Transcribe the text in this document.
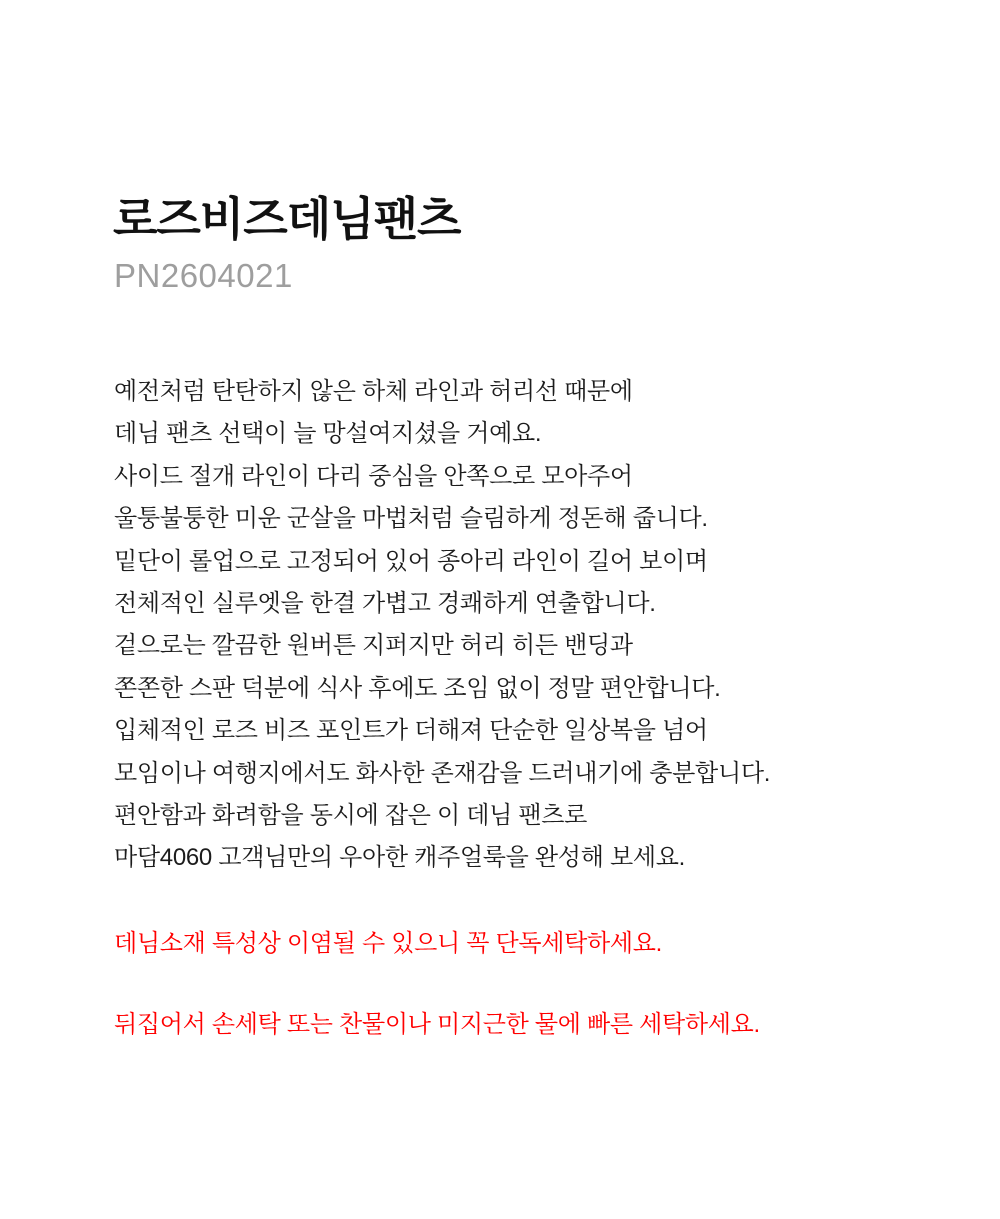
로즈비즈데님팬츠
PN2604021
예전처럼 탄탄하지 않은 하체 라인과 허리선 때문에
데님 팬츠 선택이 늘 망설여지셨을 거예요.
사이드 절개 라인이 다리 중심을 안쪽으로 모아주어
울퉁불퉁한 미운 군살을 마법처럼 슬림하게 정돈해 줍니다.
밑단이 롤업으로 고정되어 있어 종아리 라인이 길어 보이며
전체적인 실루엣을 한결 가볍고 경쾌하게 연출합니다.
겉으로는 깔끔한 원버튼 지퍼지만 허리 히든 밴딩과
쫀쫀한 스판 덕분에 식사 후에도 조임 없이 정말 편안합니다.
입체적인 로즈 비즈 포인트가 더해져 단순한 일상복을 넘어
모임이나 여행지에서도 화사한 존재감을 드러내기에 충분합니다.
편안함과 화려함을 동시에 잡은 이 데님 팬츠로
마담4060 고객님만의 우아한 캐주얼룩을 완성해 보세요.

데님소재 특성상 이염될 수 있으니 꼭 단독세탁하세요.

뒤집어서 손세탁 또는 찬물이나 미지근한 물에 빠른 세탁하세요.
